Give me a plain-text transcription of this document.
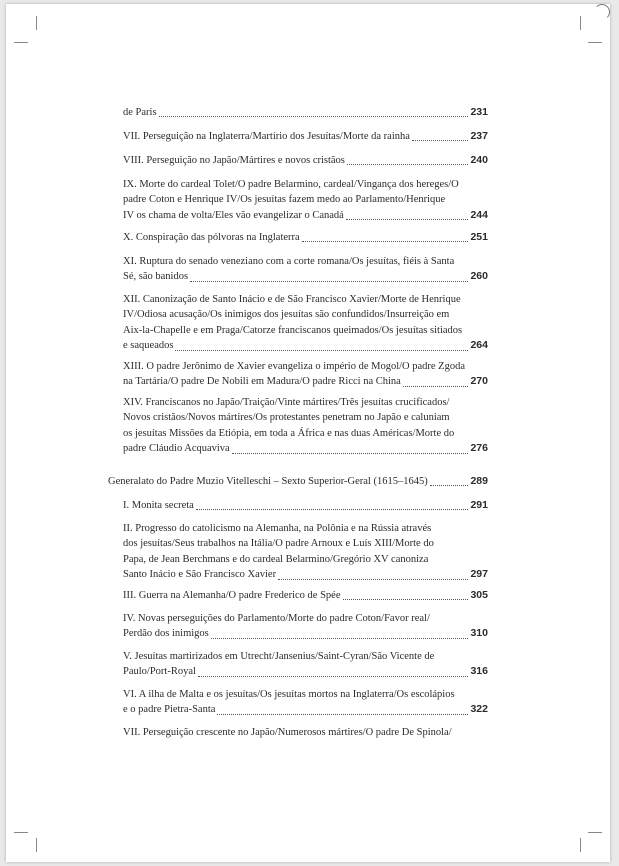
de Paris	231
VII. Perseguição na Inglaterra/Martírio dos Jesuítas/Morte da rainha	237
VIII. Perseguição no Japão/Mártires e novos cristãos	240
IX. Morte do cardeal Tolet/O padre Belarmino, cardeal/Vingança dos hereges/O
padre Coton e Henrique IV/Os jesuítas fazem medo ao Parlamento/Henrique
IV os chama de volta/Eles vão evangelizar o Canadá	244
X. Conspiração das pólvoras na Inglaterra	251
XI. Ruptura do senado veneziano com a corte romana/Os jesuítas, fiéis à Santa
Sé, são banidos	260
XII. Canonização de Santo Inácio e de São Francisco Xavier/Morte de Henrique
IV/Odiosa acusação/Os inimigos dos jesuítas são confundidos/Insurreição em
Aix-la-Chapelle e em Praga/Catorze franciscanos queimados/Os jesuítas sitiados
e saqueados	264
XIII. O padre Jerônimo de Xavier evangeliza o império de Mogol/O padre Zgoda
na Tartária/O padre De Nobili em Madura/O padre Ricci na China	270
XIV. Franciscanos no Japão/Traição/Vinte mártires/Três jesuítas crucificados/
Novos cristãos/Novos mártires/Os protestantes penetram no Japão e caluniam
os jesuítas Missões da Etiópia, em toda a África e nas duas Américas/Morte do
padre Cláudio Acquaviva	276
Generalato do Padre Muzio Vitelleschi – Sexto Superior-Geral (1615–1645)	289
I. Monita secreta	291
II. Progresso do catolicismo na Alemanha, na Polônia e na Rússia através
dos jesuítas/Seus trabalhos na Itália/O padre Arnoux e Luís XIII/Morte do
Papa, de Jean Berchmans e do cardeal Belarmino/Gregório XV canoniza
Santo Inácio e São Francisco Xavier	297
III. Guerra na Alemanha/O padre Frederico de Spée	305
IV. Novas perseguições do Parlamento/Morte do padre Coton/Favor real/
Perdão dos inimigos	310
V. Jesuítas martirizados em Utrecht/Jansenius/Saint-Cyran/São Vicente de
Paulo/Port-Royal	316
VI. A ilha de Malta e os jesuítas/Os jesuítas mortos na Inglaterra/Os escolápios
e o padre Pietra-Santa	322
VII. Perseguição crescente no Japão/Numerosos mártires/O padre De Spinola/
